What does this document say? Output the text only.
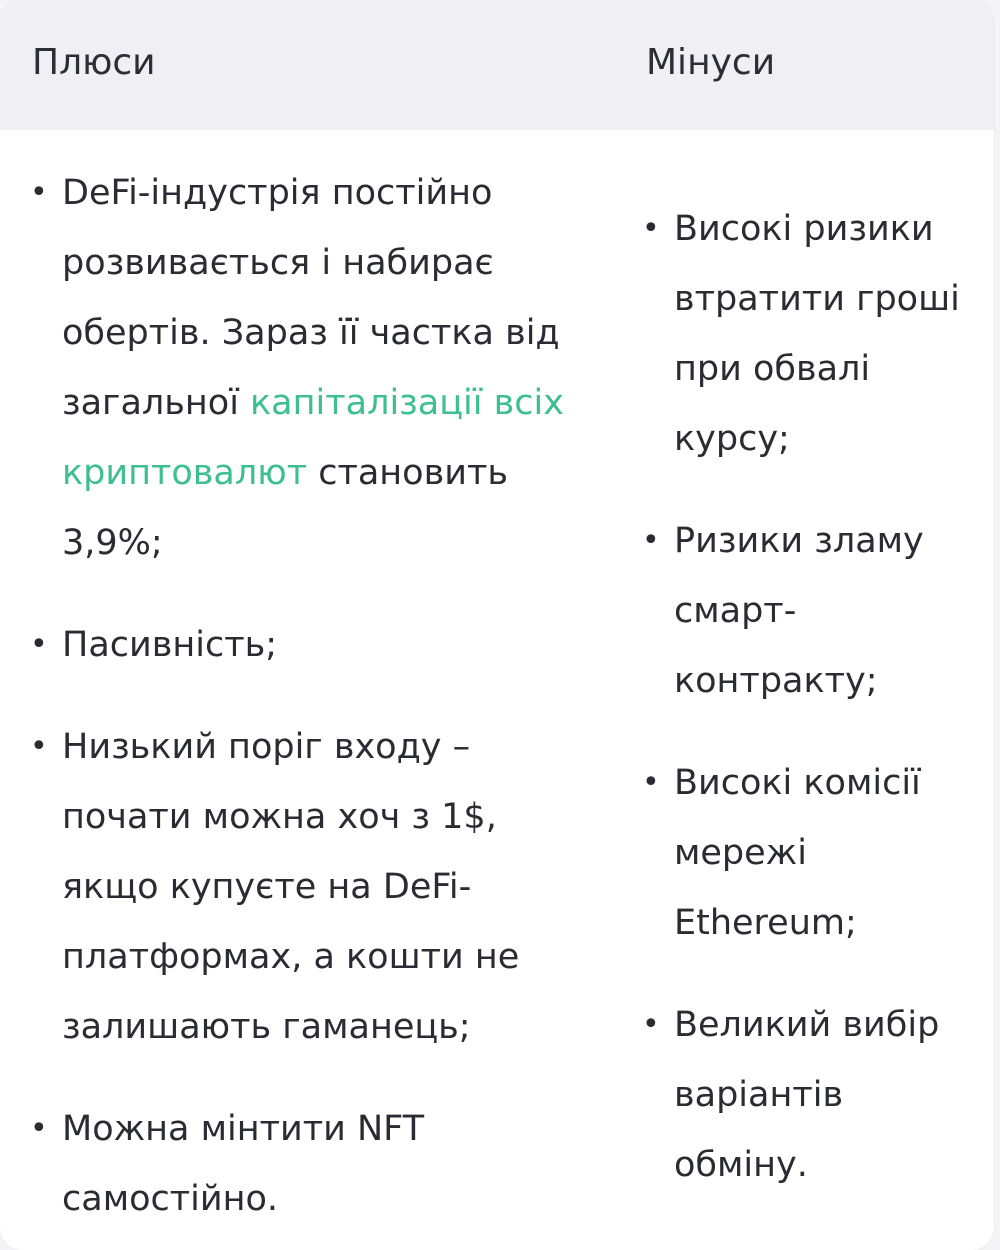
Плюси	Мінуси
• DeFi-індустрія постійно розвивається і набирає обертів. Зараз її частка від загальної капіталізації всіх криптовалют становить 3,9%;
• Пасивність;
• Низький поріг входу – почати можна хоч з 1$, якщо купуєте на DeFi-платформах, а кошти не залишають гаманець;
• Можна мінтити NFT самостійно.
• Високі ризики втратити гроші при обвалі курсу;
• Ризики зламу смарт-контракту;
• Високі комісії мережі Ethereum;
• Великий вибір варіантів обміну.
